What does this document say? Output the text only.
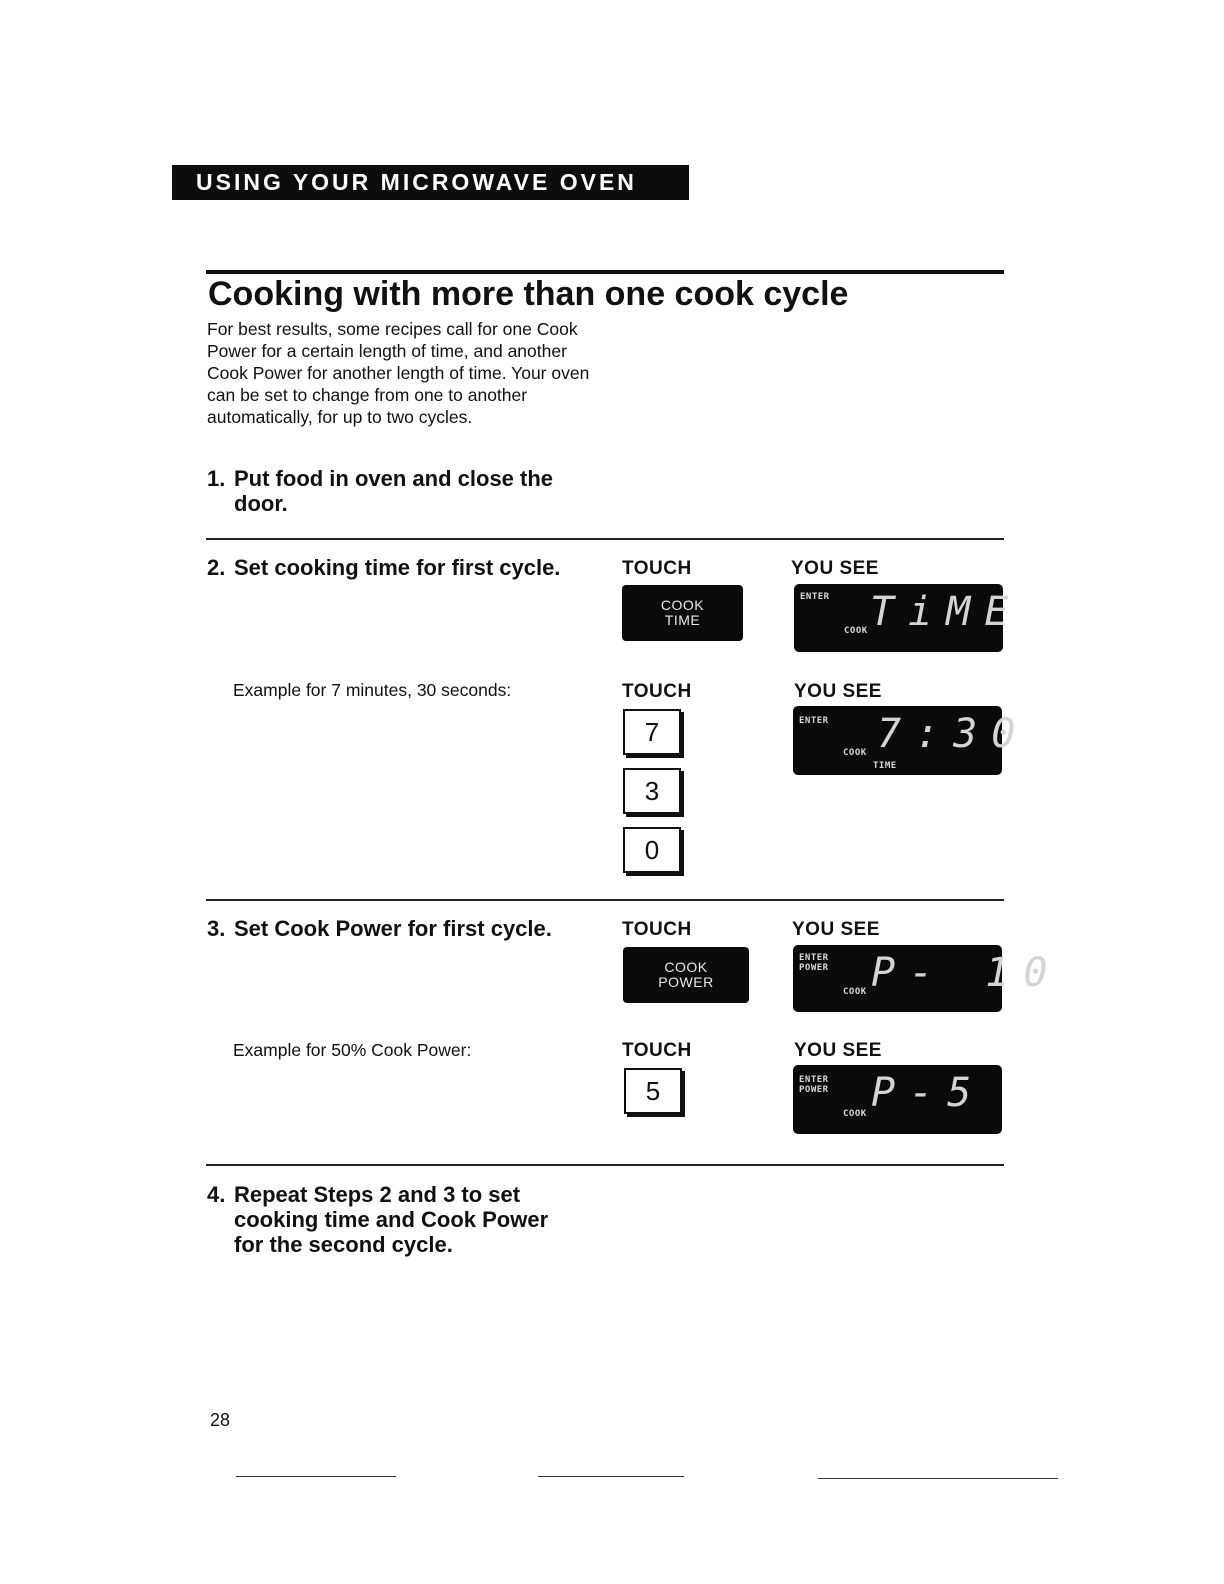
USING YOUR MICROWAVE OVEN
Cooking with more than one cook cycle
For best results, some recipes call for one Cook Power for a certain length of time, and another Cook Power for another length of time. Your oven can be set to change from one to another automatically, for up to two cycles.
1. Put food in oven and close the door.
2. Set cooking time for first cycle.	TOUCH	YOU SEE
COOK
TIME
ENTER
COOK TiME
Example for 7 minutes, 30 seconds:	TOUCH	YOU SEE
7
3
0
ENTER
COOK
TIME
7:30
3. Set Cook Power for first cycle.	TOUCH	YOU SEE
COOK
POWER
ENTER
POWER
COOK P- 10
Example for 50% Cook Power:	TOUCH	YOU SEE
5	ENTER
POWER
COOK P-5
4. Repeat Steps 2 and 3 to set cooking time and Cook Power for the second cycle.
28
